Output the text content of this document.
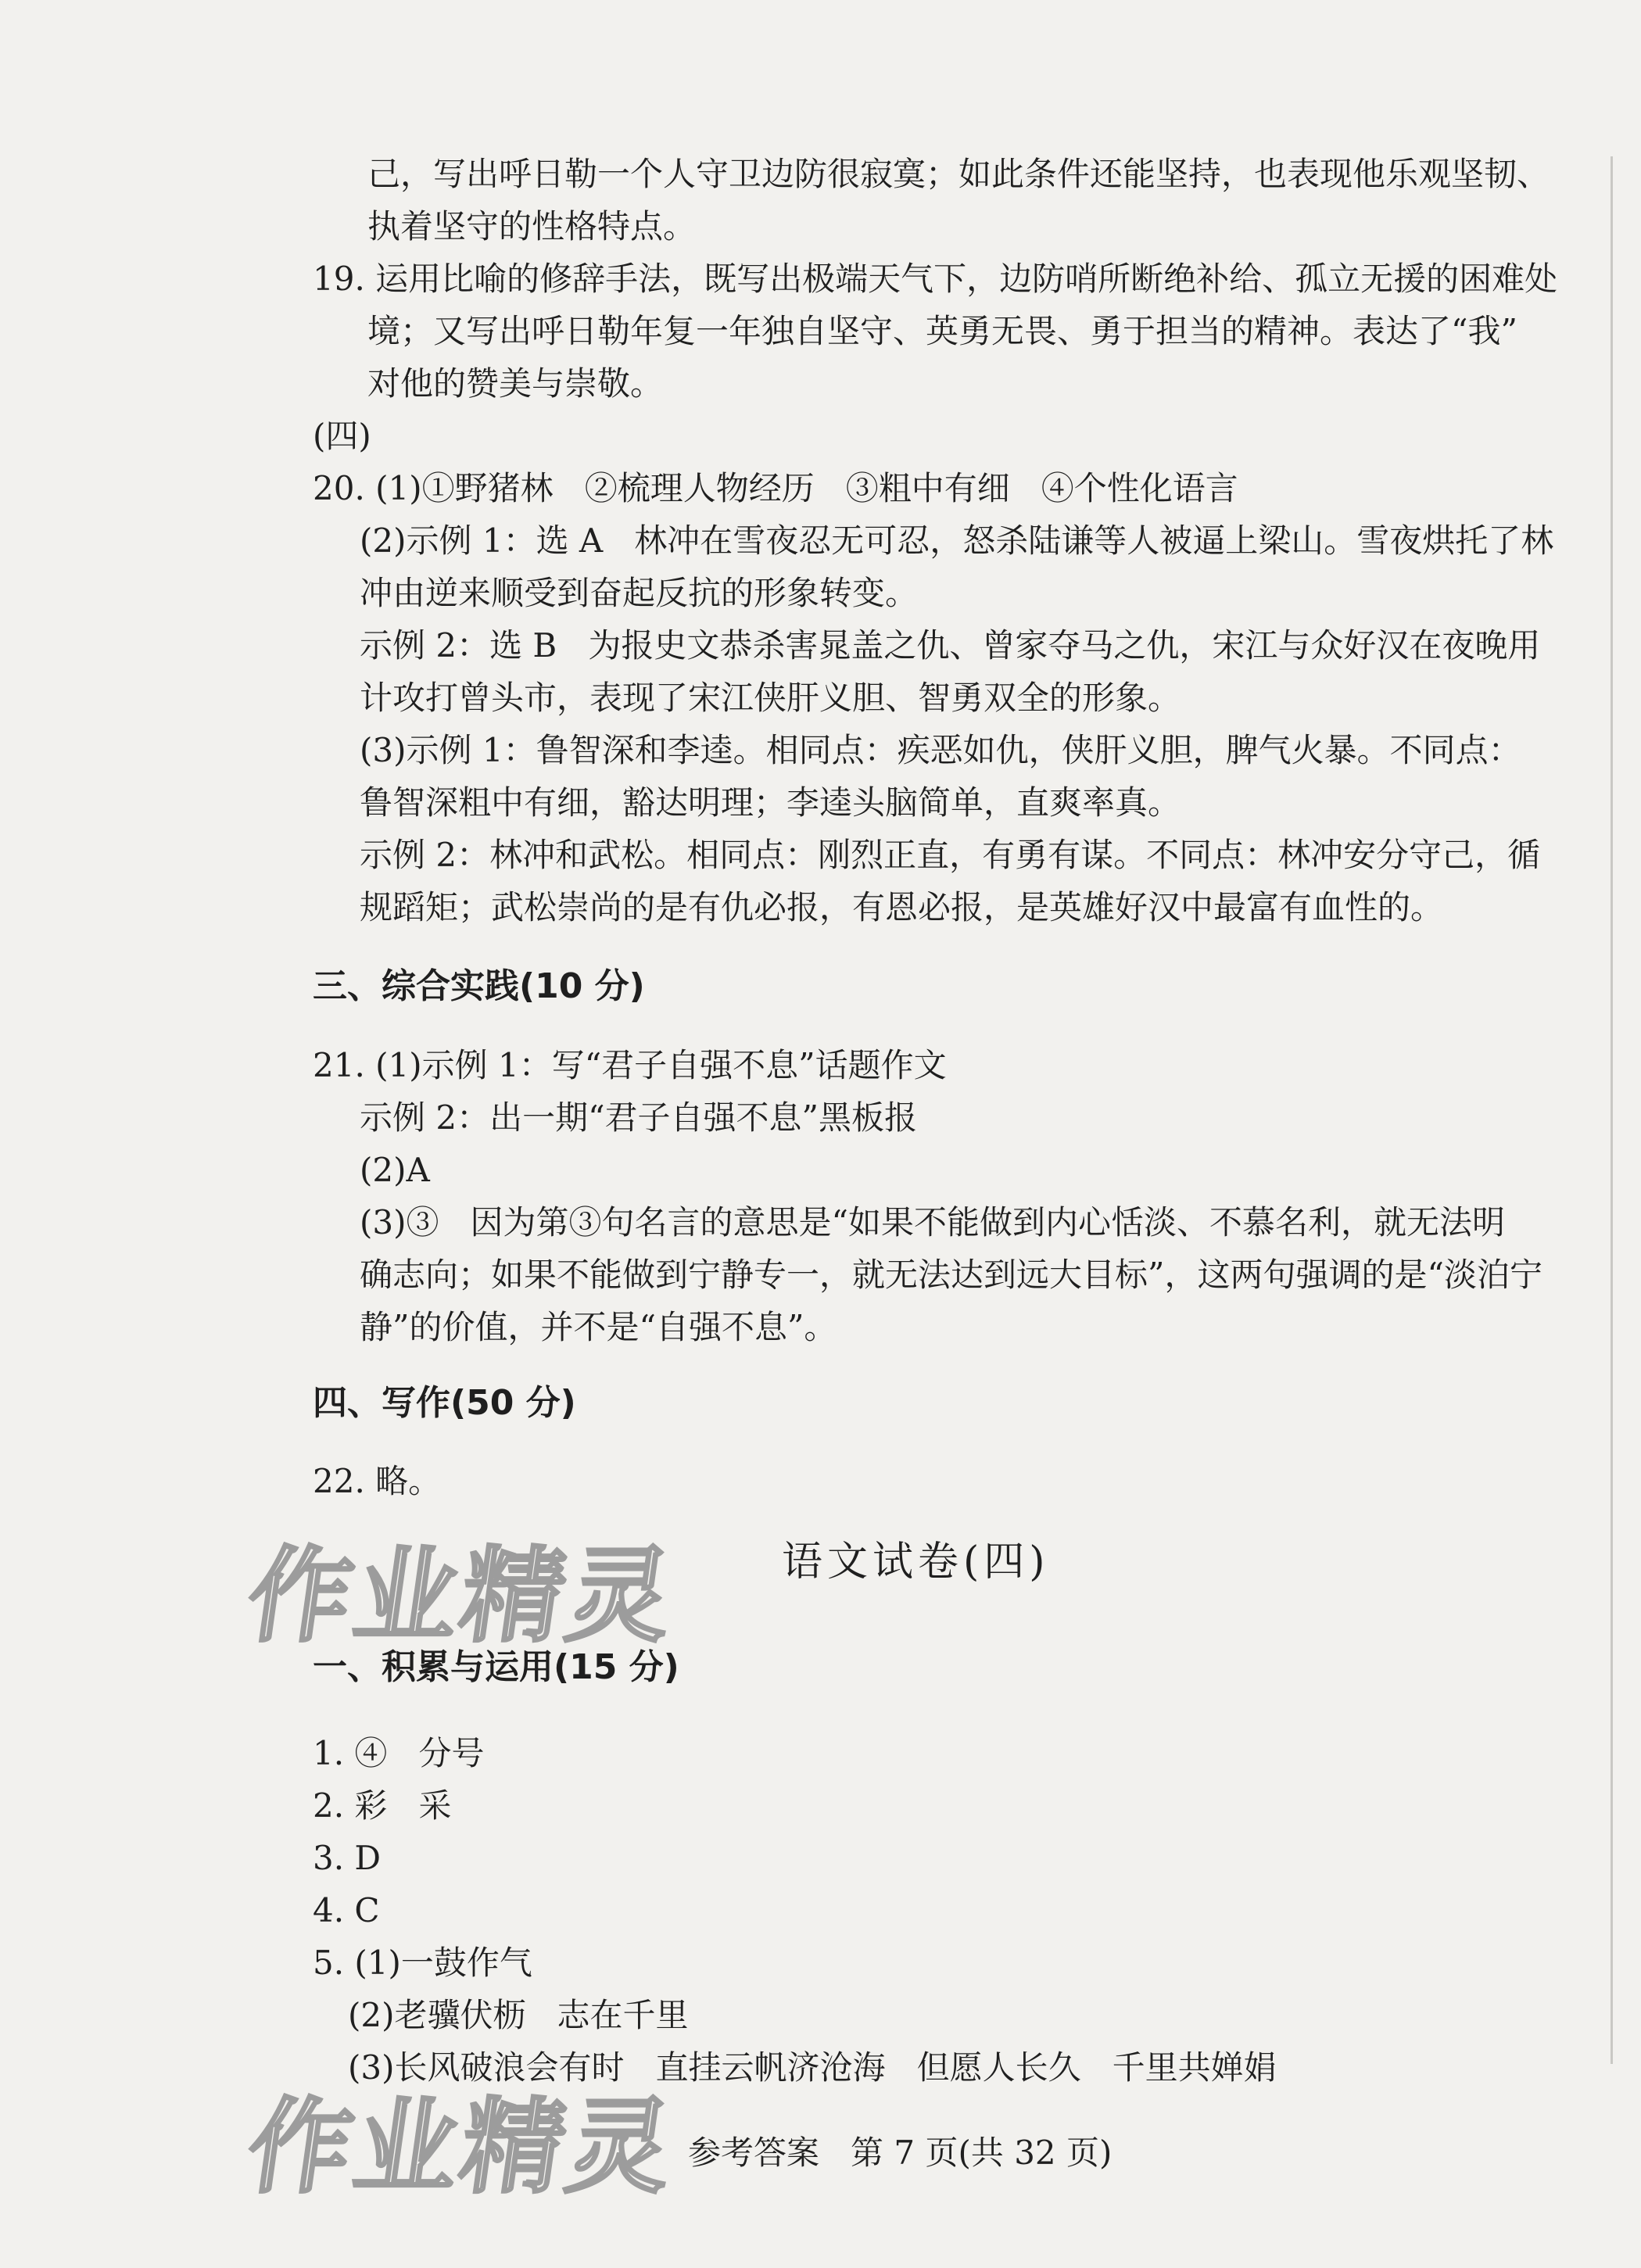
己，写出呼日勒一个人守卫边防很寂寞；如此条件还能坚持，也表现他乐观坚韧、
执着坚守的性格特点。
19. 运用比喻的修辞手法，既写出极端天气下，边防哨所断绝补给、孤立无援的困难处
境；又写出呼日勒年复一年独自坚守、英勇无畏、勇于担当的精神。表达了“我”
对他的赞美与崇敬。
(四)
20. (1)①野猪林   ②梳理人物经历   ③粗中有细   ④个性化语言
(2)示例 1：选 A   林冲在雪夜忍无可忍，怒杀陆谦等人被逼上梁山。雪夜烘托了林
冲由逆来顺受到奋起反抗的形象转变。
示例 2：选 B   为报史文恭杀害晁盖之仇、曾家夺马之仇，宋江与众好汉在夜晚用
计攻打曾头市，表现了宋江侠肝义胆、智勇双全的形象。
(3)示例 1：鲁智深和李逵。相同点：疾恶如仇，侠肝义胆，脾气火暴。不同点：
鲁智深粗中有细，豁达明理；李逵头脑简单，直爽率真。
示例 2：林冲和武松。相同点：刚烈正直，有勇有谋。不同点：林冲安分守己，循
规蹈矩；武松崇尚的是有仇必报，有恩必报，是英雄好汉中最富有血性的。
三、综合实践(10 分)
21. (1)示例 1：写“君子自强不息”话题作文
示例 2：出一期“君子自强不息”黑板报
(2)A
(3)③   因为第③句名言的意思是“如果不能做到内心恬淡、不慕名利，就无法明
确志向；如果不能做到宁静专一，就无法达到远大目标”，这两句强调的是“淡泊宁
静”的价值，并不是“自强不息”。
四、写作(50 分)
22. 略。
作业精灵 语文试卷(四)
一、积累与运用(15 分)
1. ④   分号
2. 彩   采
3. D
4. C
5. (1)一鼓作气
(2)老骥伏枥   志在千里
(3)长风破浪会有时   直挂云帆济沧海   但愿人长久   千里共婵娟
作业精灵 参考答案   第 7 页(共 32 页)
